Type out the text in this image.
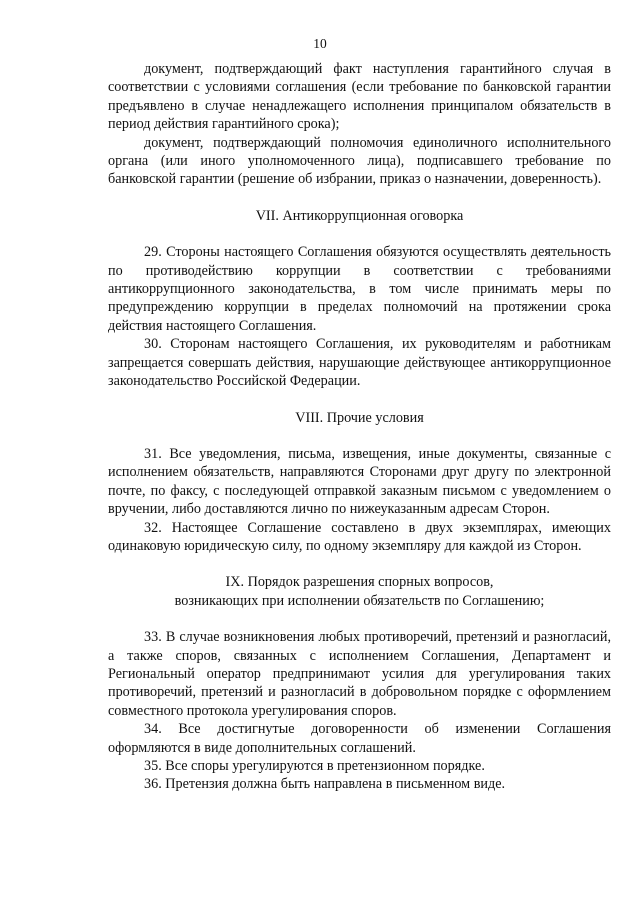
10

документ, подтверждающий факт наступления гарантийного случая в соответствии с условиями соглашения (если требование по банковской гарантии предъявлено в случае ненадлежащего исполнения принципалом обязательств в период действия гарантийного срока);

документ, подтверждающий полномочия единоличного исполнительного органа (или иного уполномоченного лица), подписавшего требование по банковской гарантии (решение об избрании, приказ о назначении, доверенность).

VII. Антикоррупционная оговорка

29. Стороны настоящего Соглашения обязуются осуществлять деятельность по противодействию коррупции в соответствии с требованиями антикоррупционного законодательства, в том числе принимать меры по предупреждению коррупции в пределах полномочий на протяжении срока действия настоящего Соглашения.

30. Сторонам настоящего Соглашения, их руководителям и работникам запрещается совершать действия, нарушающие действующее антикоррупционное законодательство Российской Федерации.

VIII. Прочие условия

31. Все уведомления, письма, извещения, иные документы, связанные с исполнением обязательств, направляются Сторонами друг другу по электронной почте, по факсу, с последующей отправкой заказным письмом с уведомлением о вручении, либо доставляются лично по нижеуказанным адресам Сторон.

32. Настоящее Соглашение составлено в двух экземплярах, имеющих одинаковую юридическую силу, по одному экземпляру для каждой из Сторон.

IX. Порядок разрешения спорных вопросов,

возникающих при исполнении обязательств по Соглашению;

33. В случае возникновения любых противоречий, претензий и разногласий, а также споров, связанных с исполнением Соглашения, Департамент и Региональный оператор предпринимают усилия для урегулирования таких противоречий, претензий и разногласий в добровольном порядке с оформлением совместного протокола урегулирования споров.

34. Все достигнутые договоренности об изменении Соглашения оформляются в виде дополнительных соглашений.

35. Все споры урегулируются в претензионном порядке.

36. Претензия должна быть направлена в письменном виде.
